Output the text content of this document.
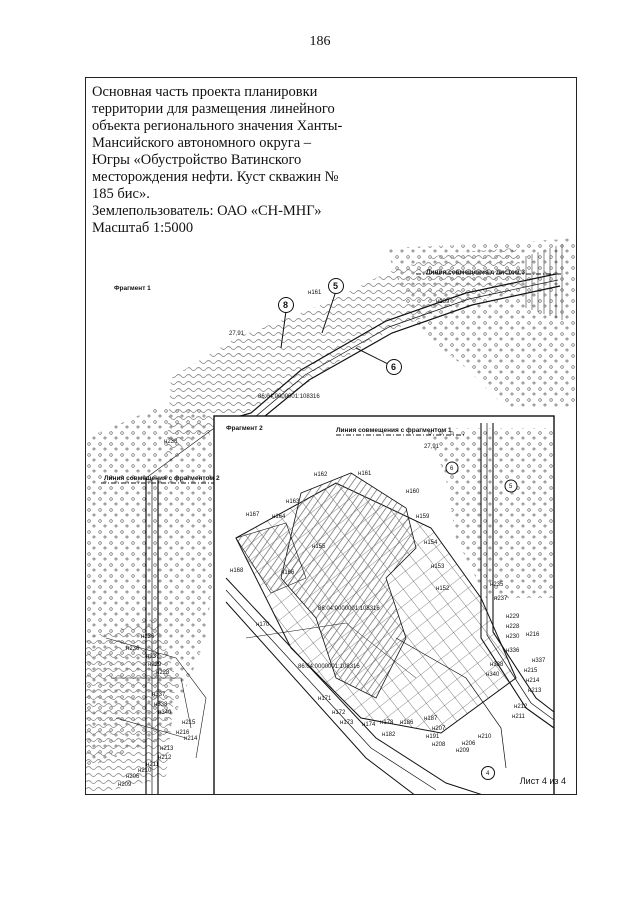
186
Фрагмент 1
Линия совмещения с листом 3
Линия совмещения с фрагментом 2
Фрагмент 2	Линия совмещения с фрагментом 1
86:04:0000001:108316
86:04:0000001:108316
86:04:0000001:108316
27,91
27,91
н161
н239
н238
н236
н161
н160
н162
н163
н164
н167	н159
н155
н166
н168
н154
н170
н153
н152
н171
н172
н173 н174 н178 н186
н187
н182	н191
н207
н208
н209
н206
н210
н211
н212
н213
н214
н215
н216
н228
н229
н230
н336
н337
н338
н340
н237
н235
н236
н237
н229
н228
н337
н338
н340
н215
н216
н214
н213
н212
н211
н210
н206
н209
8
5
6
6
5
4

Основная часть проекта планировки

территории для размещения линейного

объекта регионального значения Ханты-

Мансийского автономного округа –

Югры «Обустройство Ватинского

месторождения нефти. Куст скважин №

185 бис».

Землепользователь: ОАО «СН-МНГ»

Масштаб 1:5000

Лист 4 из 4
